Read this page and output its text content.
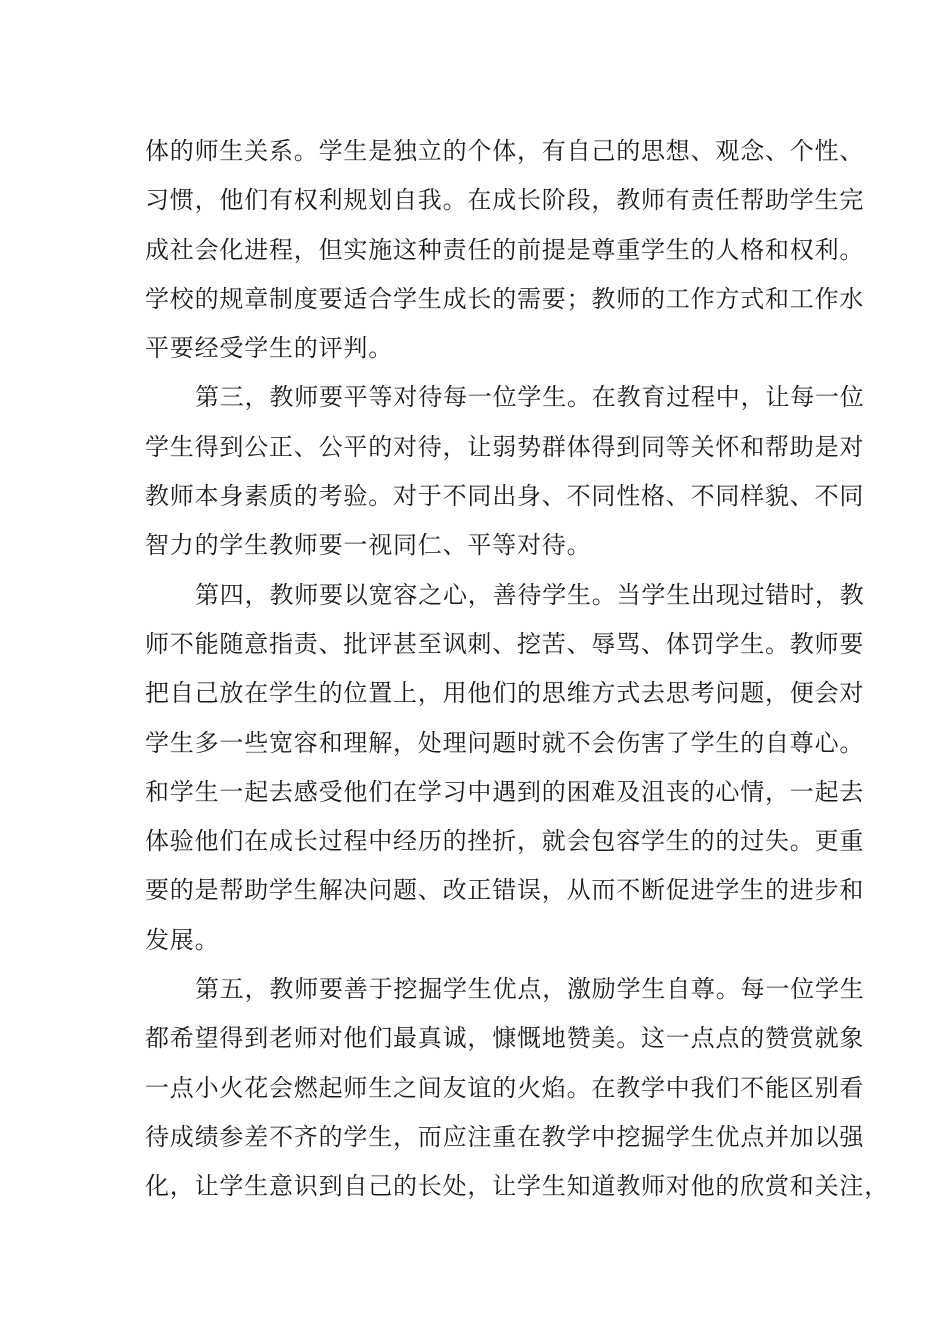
体的师生关系。学生是独立的个体，有自己的思想、观念、个性、
习惯，他们有权利规划自我。在成长阶段，教师有责任帮助学生完
成社会化进程，但实施这种责任的前提是尊重学生的人格和权利。
学校的规章制度要适合学生成长的需要；教师的工作方式和工作水
平要经受学生的评判。
第三，教师要平等对待每一位学生。在教育过程中，让每一位
学生得到公正、公平的对待，让弱势群体得到同等关怀和帮助是对
教师本身素质的考验。对于不同出身、不同性格、不同样貌、不同
智力的学生教师要一视同仁、平等对待。
第四，教师要以宽容之心，善待学生。当学生出现过错时，教
师不能随意指责、批评甚至讽刺、挖苦、辱骂、体罚学生。教师要
把自己放在学生的位置上，用他们的思维方式去思考问题，便会对
学生多一些宽容和理解，处理问题时就不会伤害了学生的自尊心。
和学生一起去感受他们在学习中遇到的困难及沮丧的心情，一起去
体验他们在成长过程中经历的挫折，就会包容学生的的过失。更重
要的是帮助学生解决问题、改正错误，从而不断促进学生的进步和
发展。
第五，教师要善于挖掘学生优点，激励学生自尊。每一位学生
都希望得到老师对他们最真诚，慷慨地赞美。这一点点的赞赏就象
一点小火花会燃起师生之间友谊的火焰。在教学中我们不能区别看
待成绩参差不齐的学生，而应注重在教学中挖掘学生优点并加以强
化，让学生意识到自己的长处，让学生知道教师对他的欣赏和关注，
